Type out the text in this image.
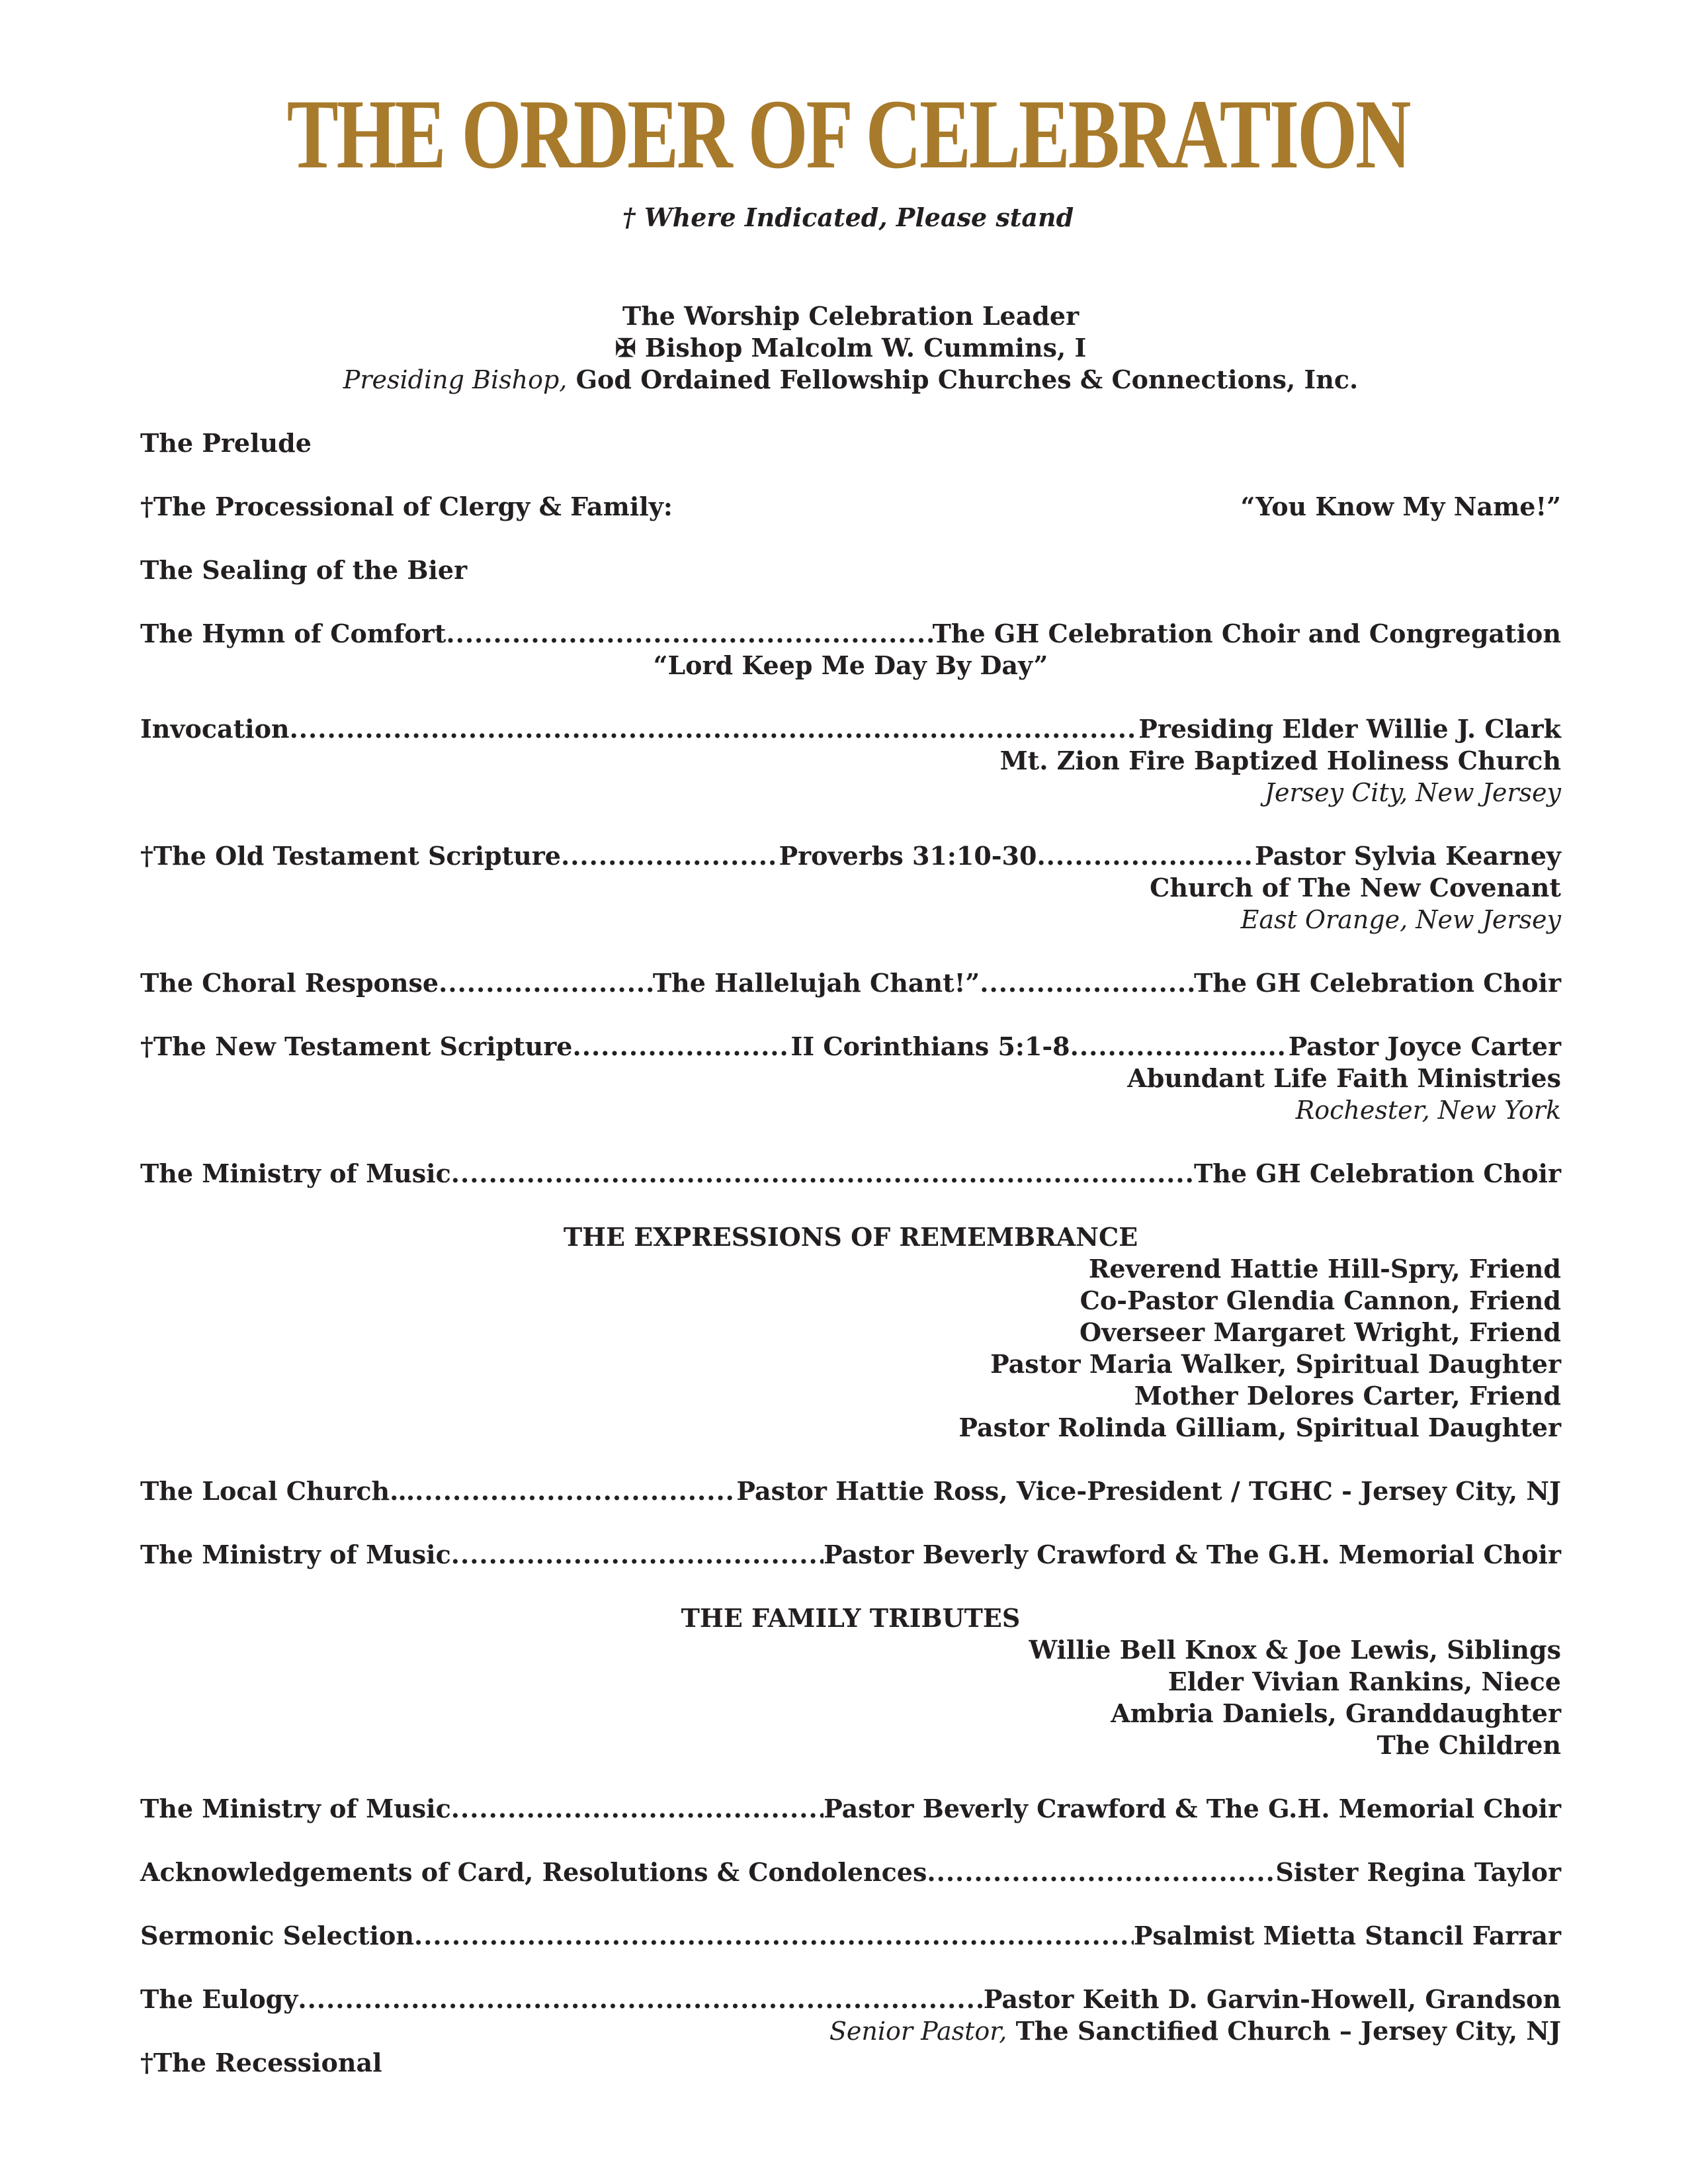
THE ORDER OF CELEBRATION
† Where Indicated, Please stand
The Worship Celebration Leader
✠ Bishop Malcolm W. Cummins, I
Presiding Bishop, God Ordained Fellowship Churches & Connections, Inc.
The Prelude
†The Processional of Clergy & Family:	“You Know My Name!”
The Sealing of the Bier
The Hymn of Comfort .....	The GH Celebration Choir and Congregation
“Lord Keep Me Day By Day”
Invocation .....	Presiding Elder Willie J. Clark
Mt. Zion Fire Baptized Holiness Church
Jersey City, New Jersey
†The Old Testament Scripture .....	Proverbs 31:10-30 .....	Pastor Sylvia Kearney
Church of The New Covenant
East Orange, New Jersey
The Choral Response .....	The Hallelujah Chant!” .....	The GH Celebration Choir
†The New Testament Scripture .....	II Corinthians 5:1-8 .....	Pastor Joyce Carter
Abundant Life Faith Ministries
Rochester, New York
The Ministry of Music .....	The GH Celebration Choir
THE EXPRESSIONS OF REMEMBRANCE
Reverend Hattie Hill-Spry, Friend
Co-Pastor Glendia Cannon, Friend
Overseer Margaret Wright, Friend
Pastor Maria Walker, Spiritual Daughter
Mother Delores Carter, Friend
Pastor Rolinda Gilliam, Spiritual Daughter
The Local Church… .....	Pastor Hattie Ross, Vice-President / TGHC - Jersey City, NJ
The Ministry of Music .....	Pastor Beverly Crawford & The G.H. Memorial Choir
THE FAMILY TRIBUTES
Willie Bell Knox & Joe Lewis, Siblings
Elder Vivian Rankins, Niece
Ambria Daniels, Granddaughter
The Children
The Ministry of Music .....	Pastor Beverly Crawford & The G.H. Memorial Choir
Acknowledgements of Card, Resolutions & Condolences .....	Sister Regina Taylor
Sermonic Selection .....	Psalmist Mietta Stancil Farrar
The Eulogy .....	Pastor Keith D. Garvin-Howell, Grandson
Senior Pastor, The Sanctified Church – Jersey City, NJ
†The Recessional
